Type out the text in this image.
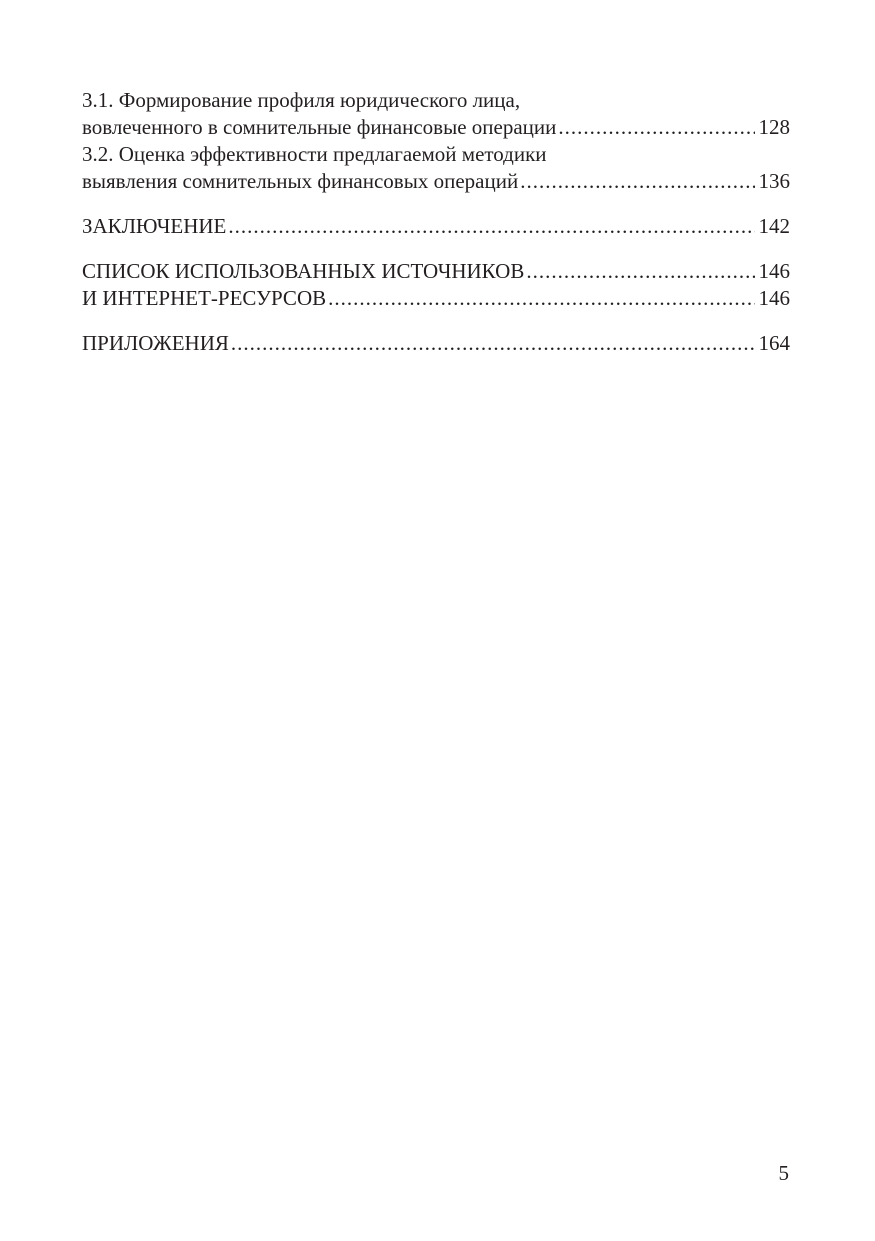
3.1. Формирование профиля юридического лица,
вовлеченного в сомнительные финансовые операции .....	128
3.2. Оценка эффективности предлагаемой методики
выявления сомнительных финансовых операций .....	136
ЗАКЛЮЧЕНИЕ .....	142
СПИСОК ИСПОЛЬЗОВАННЫХ ИСТОЧНИКОВ .....	146
И ИНТЕРНЕТ-РЕСУРСОВ .....	146
ПРИЛОЖЕНИЯ .....	164
5
